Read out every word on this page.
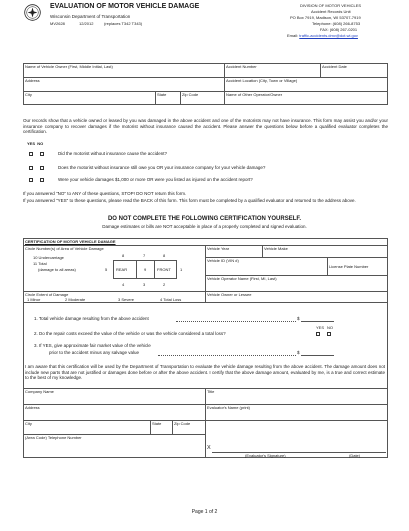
EVALUATION OF MOTOR VEHICLE DAMAGE
Wisconsin Department of Transportation
MV2628	12/2012	(replaces T342 T343)
DIVISION OF MOTOR VEHICLES
Accident Records Unit
PO Box 7919, Madison, WI 53707-7919
Telephone: (608) 266-8753
FAX: (608) 267-0201
Email: traffic-accidents.dmv@dot.wi.gov
Name of Vehicle Owner (First, Middle Initial, Last)	Accident Number	Accident Date
Address	Accident Location (City, Town or Village)
City	State	Zip Code	Name of Other Operator/Owner
Our records show that a vehicle owned or leased by you was damaged in the above accident and one of the motorists may not have insurance. This form may assist you and/or your insurance company to recover damages if the motorist without insurance caused the accident. Please answer the questions below before a qualified evaluator completes the certification.
YES NO
Did the motorist without insurance cause the accident?
Does the motorist without insurance still owe you OR your insurance company for your vehicle damage?
Were your vehicle damages $1,000 or more OR were you listed as injured on the accident report?
If you answered "NO" to ANY of these questions, STOP! DO NOT return this form.
If you answered "YES" to these questions, please read the BACK of this form. This form must be completed by a qualified evaluator and returned to the address above.
DO NOT COMPLETE THE FOLLOWING CERTIFICATION YOURSELF.
Damage estimates or bills are NOT acceptable in place of a properly completed and signed evaluation.
CERTIFICATION OF MOTOR VEHICLE DAMAGE
Circle Number(s) of Area of Vehicle Damage
10 Undercarriage
11 Total
(damage to all areas)
8	7	8
5 REAR	9	FRONT 1
4	3	2
Vehicle Year	Vehicle Make
Vehicle ID (VIN #)
License Plate Number
Vehicle Operator Name (First, MI, Last)
Circle Extent of Damage
1 Minor	2 Moderate	3 Severe	4 Total Loss
Vehicle Owner or Lessee
1. Total vehicle damage resulting from the above accident	$
YES NO
2. Do the repair costs exceed the value of the vehicle or was the vehicle considered a total loss?
3. If YES, give approximate fair market value of the vehicle
prior to the accident minus any salvage value	$
I am aware that this certification will be used by the Department of Transportation to evaluate the vehicle damage resulting from the above accident. The damage amount does not include new parts that are not justified or damages done before or after the above accident. I certify that the above damage amount, evaluated by me, is a true and correct estimate to the best of my knowledge.
Company Name	Title
Address	Evaluator's Name (print)
City	State	Zip Code
(Area Code) Telephone Number
X
(Evaluator's Signature)	(Date)
Page 1 of 2
